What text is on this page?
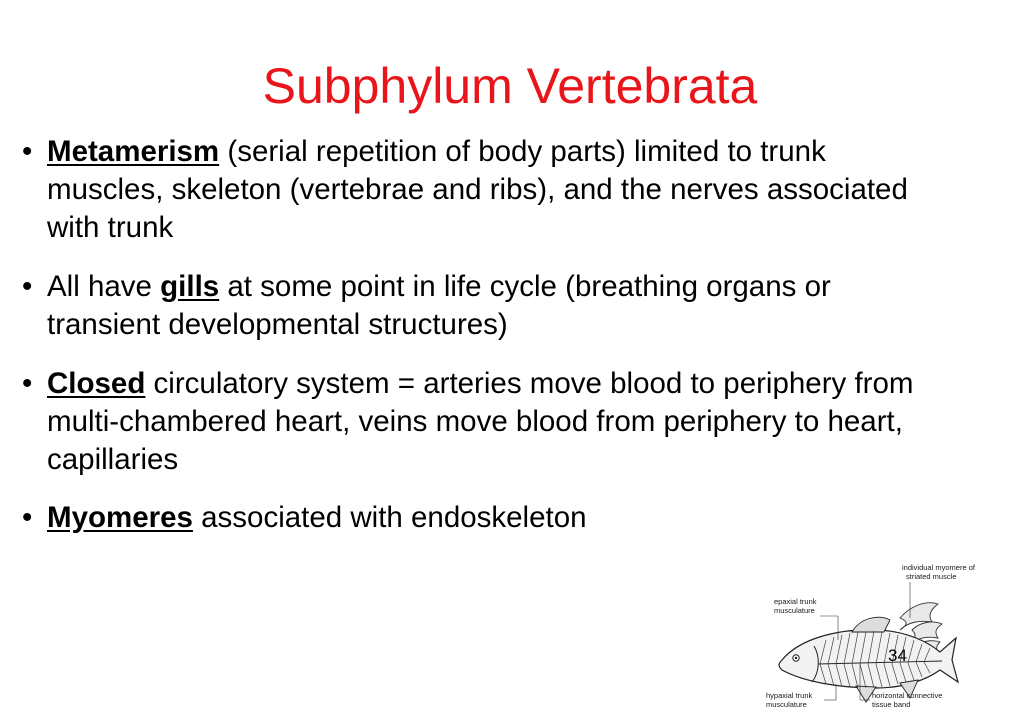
Subphylum Vertebrata
• Metamerism (serial repetition of body parts) limited to trunk muscles, skeleton (vertebrae and ribs), and the nerves associated with trunk
• All have gills at some point in life cycle (breathing organs or transient developmental structures)
• Closed circulatory system = arteries move blood to periphery from multi-chambered heart, veins move blood from periphery to heart, capillaries
• Myomeres associated with endoskeleton
individual myomere of
striated muscle
epaxial trunk
musculature
hypaxial trunk
musculature
horizontal connective
tissue band
34
